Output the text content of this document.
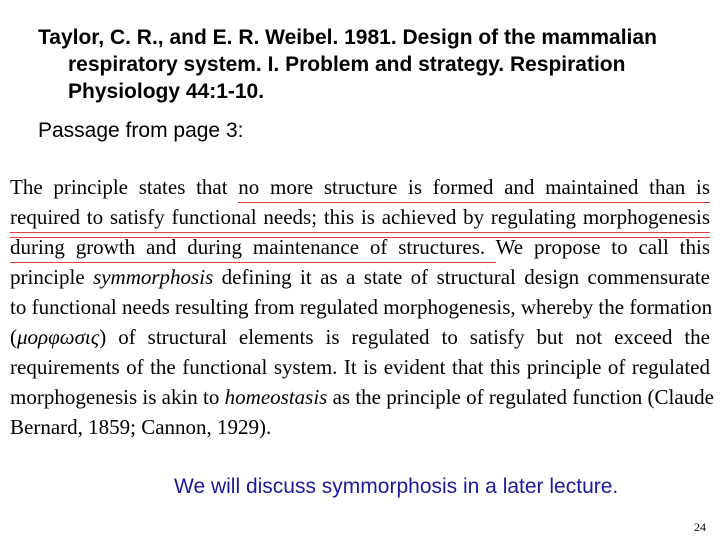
Taylor, C. R., and E. R. Weibel. 1981. Design of the mammalian respiratory system. I. Problem and strategy. Respiration Physiology 44:1-10.
Passage from page 3:
The principle states that no more structure is formed and maintained than is
required to satisfy functional needs; this is achieved by regulating morphogenesis
during growth and during maintenance of structures. We propose to call this
principle symmorphosis defining it as a state of structural design commensurate
to functional needs resulting from regulated morphogenesis, whereby the formation
(μορφωσις) of structural elements is regulated to satisfy but not exceed the
requirements of the functional system. It is evident that this principle of regulated
morphogenesis is akin to homeostasis as the principle of regulated function (Claude
Bernard, 1859; Cannon, 1929).
We will discuss symmorphosis in a later lecture.
24
